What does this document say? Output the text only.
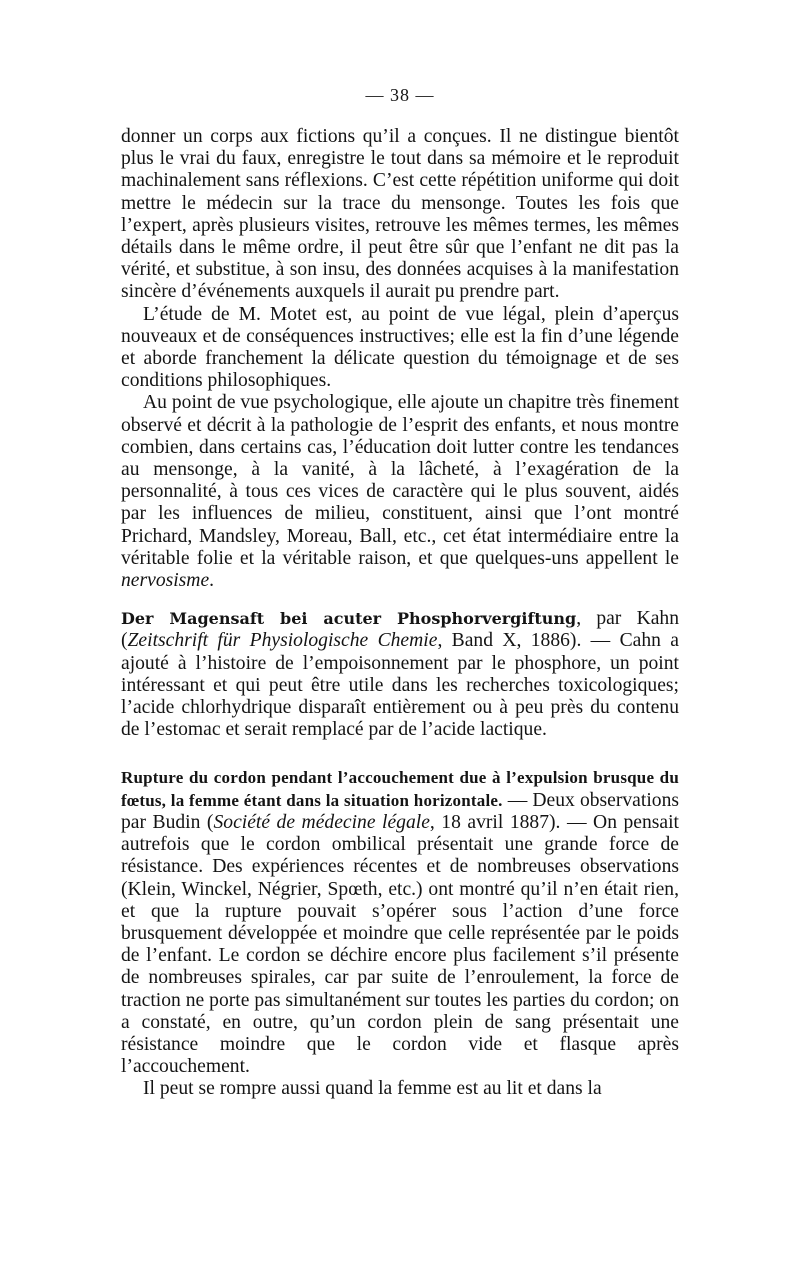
— 38 —

donner un corps aux fictions qu’il a conçues. Il ne distingue bientôt plus le vrai du faux, enregistre le tout dans sa mémoire et le reproduit machinalement sans réflexions. C’est cette répétition uniforme qui doit mettre le médecin sur la trace du mensonge. Toutes les fois que l’expert, après plusieurs visites, retrouve les mêmes termes, les mêmes détails dans le même ordre, il peut être sûr que l’enfant ne dit pas la vérité, et substitue, à son insu, des données acquises à la manifestation sincère d’événements auxquels il aurait pu prendre part.

L’étude de M. Motet est, au point de vue légal, plein d’aperçus nouveaux et de conséquences instructives; elle est la fin d’une légende et aborde franchement la délicate question du témoignage et de ses conditions philosophiques.

Au point de vue psychologique, elle ajoute un chapitre très finement observé et décrit à la pathologie de l’esprit des enfants, et nous montre combien, dans certains cas, l’éducation doit lutter contre les tendances au mensonge, à la vanité, à la lâcheté, à l’exagération de la personnalité, à tous ces vices de caractère qui le plus souvent, aidés par les influences de milieu, constituent, ainsi que l’ont montré Prichard, Mandsley, Moreau, Ball, etc., cet état intermédiaire entre la véritable folie et la véritable raison, et que quelques-uns appellent le nervosisme.

Der Magensaft bei acuter Phosphorvergiftung, par Kahn (Zeitschrift für Physiologische Chemie, Band X, 1886). — Cahn a ajouté à l’histoire de l’empoisonnement par le phosphore, un point intéressant et qui peut être utile dans les recherches toxicologiques; l’acide chlorhydrique disparaît entièrement ou à peu près du contenu de l’estomac et serait remplacé par de l’acide lactique.

Rupture du cordon pendant l’accouchement due à l’expulsion brusque du fœtus, la femme étant dans la situation horizontale. — Deux observations par Budin (Société de médecine légale, 18 avril 1887). — On pensait autrefois que le cordon ombilical présentait une grande force de résistance. Des expériences récentes et de nombreuses observations (Klein, Winckel, Négrier, Spœth, etc.) ont montré qu’il n’en était rien, et que la rupture pouvait s’opérer sous l’action d’une force brusquement développée et moindre que celle représentée par le poids de l’enfant. Le cordon se déchire encore plus facilement s’il présente de nombreuses spirales, car par suite de l’enroulement, la force de traction ne porte pas simultanément sur toutes les parties du cordon; on a constaté, en outre, qu’un cordon plein de sang présentait une résistance moindre que le cordon vide et flasque après l’accouchement.

Il peut se rompre aussi quand la femme est au lit et dans la
